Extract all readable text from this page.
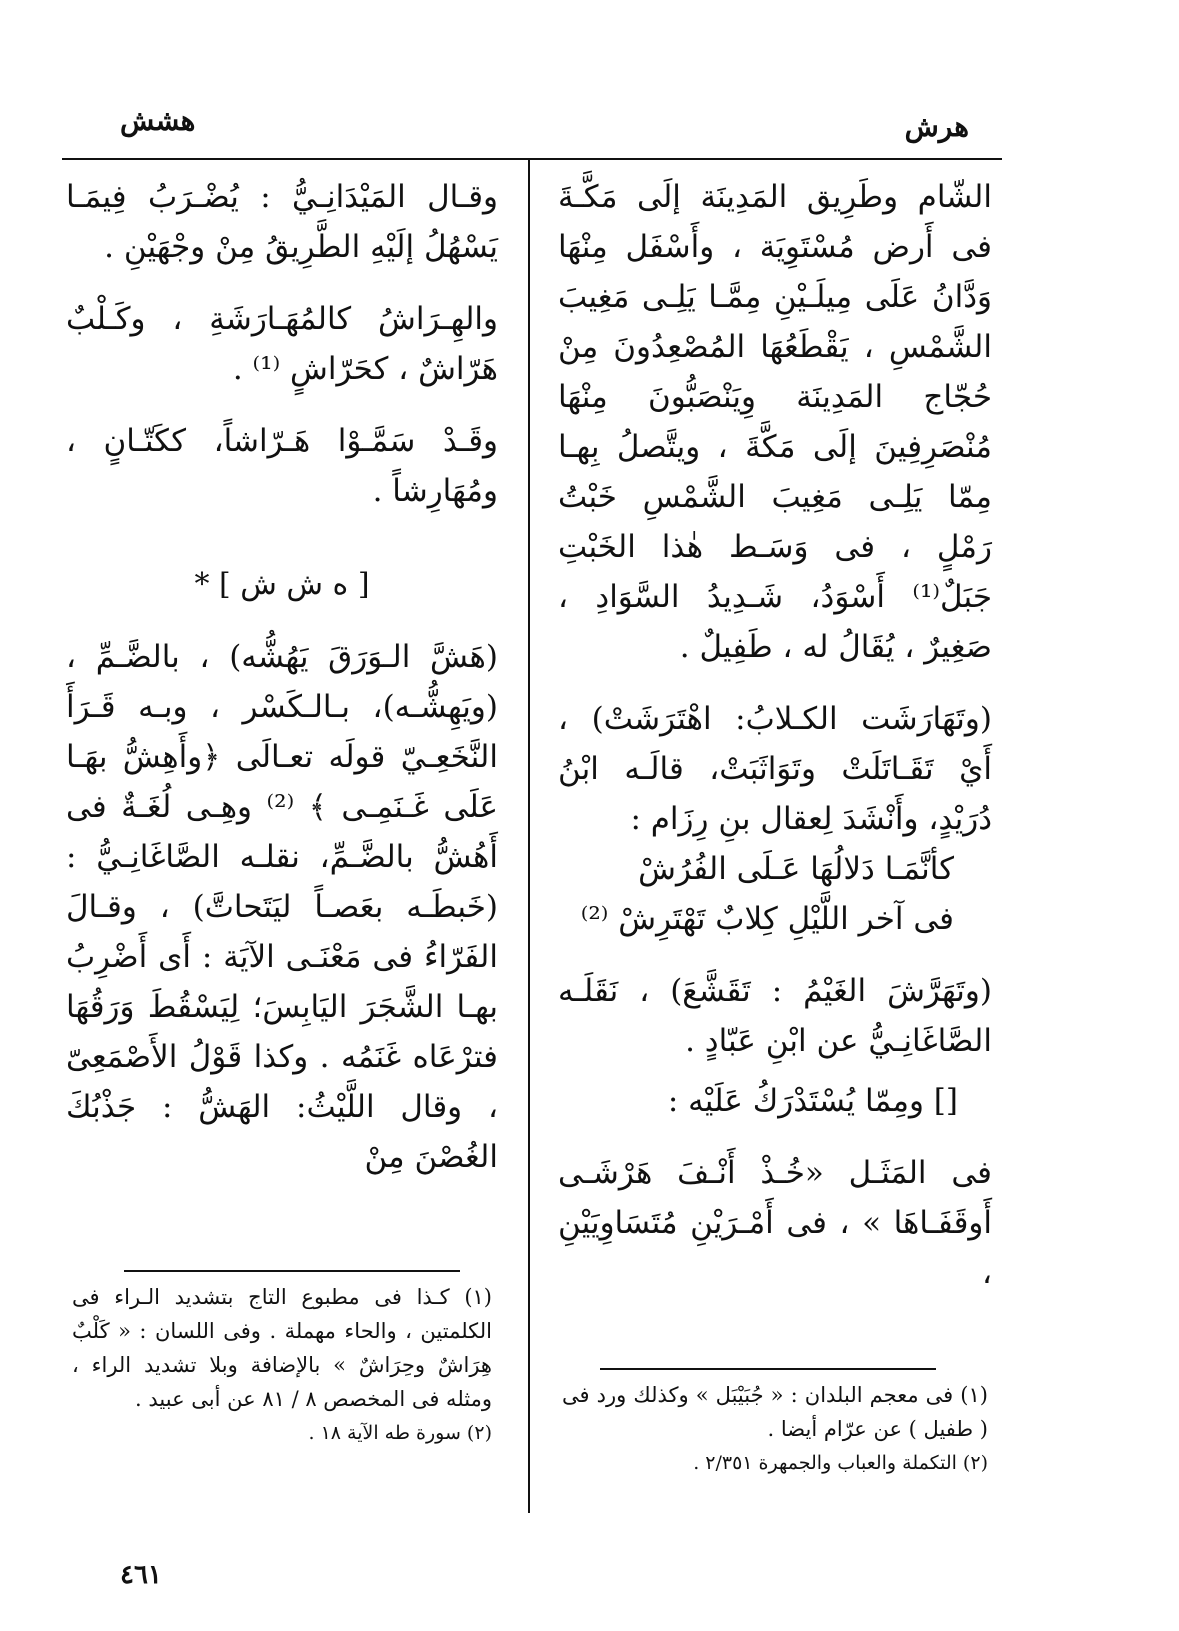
هرش
هشش

الشّام وطَرِيق المَدِينَة إلَى مَكَّـةَ فى أَرض مُسْتَوِيَة ، وأَسْفَل مِنْهَا وَدَّانُ عَلَى مِيلَـيْنِ مِمَّـا يَلِـى مَغِيبَ الشَّمْسِ ، يَقْطَعُهَا المُصْعِدُونَ مِنْ حُجّاج المَدِينَة وِيَنْصَبُّونَ مِنْهَا مُنْصَرِفِينَ إلَى مَكَّةَ ، ويتَّصلُ بِهـا مِمّا يَلِـى مَغِيبَ الشَّمْسِ خَبْتُ رَمْلٍ ، فى وَسَـط هٰذا الخَبْتِ جَبَلٌ⁽¹⁾ أَسْوَدُ، شَـدِيدُ السَّوَادِ ، صَغِيرٌ ، يُقَالُ له ، طَفِيلٌ .

(وتَهَارَشَت الكـلابُ: اهْتَرَشَتْ) ، أَيْ تَقَـاتَلَتْ وتَوَاثَبَتْ، قالَـه ابْنُ دُرَيْدٍ، وأَنْشَدَ لِعقال بنِ رِزَام :

كأنَّمَـا دَلالُهَا عَـلَى الفُرُشْ

فى آخر اللَّيْلِ كِلابٌ تَهْتَرِشْ ⁽²⁾

(وتَهَرَّشَ الغَيْمُ : تَقَشَّعَ) ، نَقَلَـه الصَّاغَانِـيُّ عن ابْنِ عَبّادٍ .

[] ومِمّا يُسْتَدْرَكُ عَلَيْه :

فى المَثَـل «خُـذْ أَنْـفَ هَرْشَـى أَوقَفَـاهَا » ، فى أَمْـرَيْنِ مُتَسَاوِيَيْنِ ،

وقـال المَيْدَانِـيُّ : يُضْـرَبُ فِيمَـا يَسْهُلُ إلَيْهِ الطَّرِيقُ مِنْ وجْهَيْنِ .

والهِـرَاشُ كالمُهَـارَشَةِ ، وكَـلْبٌ هَرّاشٌ ، كحَرّاشٍ ⁽¹⁾ .

وقَـدْ سَمَّـوْا هَـرّاشاً، ككَتّـانٍ ، ومُهَارِشاً .

[ ه ش ش ] *

(هَشَّ الـوَرَقَ يَهُشُّه) ، بالضَّـمِّ ، (ويَهِشُّـه)، بـالـكَسْر ، وبـه قَـرَأَ النَّخَعِـيّ قولَه تعـالَى ﴿وأَهِشُّ بهَـا عَلَى غَـنَمِـى ﴾ ⁽²⁾ وهِـى لُغَـةٌ فى أَهُشُّ بالضَّـمِّ، نقلـه الصَّاغَانِـيُّ : (خَبطَـه بعَصـاً ليَتَحاتَّ) ، وقـالَ الفَرّاءُ فى مَعْنَـى الآيَة : أَى أَضْرِبُ بهـا الشَّجَرَ اليَابِسَ؛ لِيَسْقُطَ وَرَقُهَا فترْعَاه غَنَمُه . وكذا قَوْلُ الأَصْمَعِىّ ، وقال اللَّيْثُ: الهَشُّ : جَذْبُكَ الغُصْنَ مِنْ

(١) فى معجم البلدان : « جُبَيْبَل » وكذلك ورد فى ( طفيل ) عن عرّام أيضا .

(٢) التكملة والعباب والجمهرة ٢/٣٥١ .

(١) كـذا فى مطبوع التاج بتشديد الـراء فى الكلمتين ، والحاء مهملة . وفى اللسان : « كَلْبٌ هِرَاشٌ وحِرَاشٌ » بالإضافة وبلا تشديد الراء ، ومثله فى المخصص ٨ / ٨١ عن أبى عبيد .

(٢) سورة طه الآية ١٨ .

٤٦١
